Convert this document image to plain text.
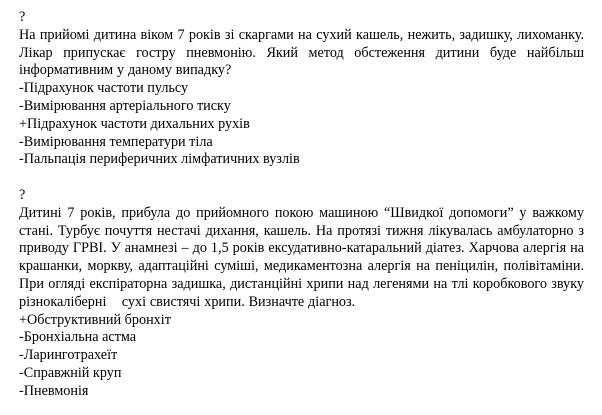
?
На прийомі дитина віком 7 років зі скаргами на сухий кашель, нежить, задишку, лихоманку. Лікар припускає гостру пневмонію. Який метод обстеження дитини буде найбільш інформативним у даному випадку?
-Підрахунок частоти пульсу
-Вимірювання артеріального тиску
+Підрахунок частоти дихальних рухів
-Вимірювання температури тіла
-Пальпація периферичних лімфатичних вузлів
?
Дитині 7 років, прибула до прийомного покою машиною “Швидкої допомоги” у важкому стані. Турбує почуття нестачі дихання, кашель. На протязі тижня лікувалась амбулаторно з приводу ГРВІ. У анамнезі – до 1,5 років ексудативно-катаральний діатез. Харчова алергія на крашанки, моркву, адаптаційні суміші, медикаментозна алергія на пеніцилін, полівітаміни. При огляді експіраторна задишка, дистанційні хрипи над легенями на тлі коробкового звуку різнокаліберні    сухі свистячі хрипи. Визначте діагноз.
+Обструктивний бронхіт
-Бронхіальна астма
-Ларинготрахеїт
-Справжній круп
-Пневмонія
